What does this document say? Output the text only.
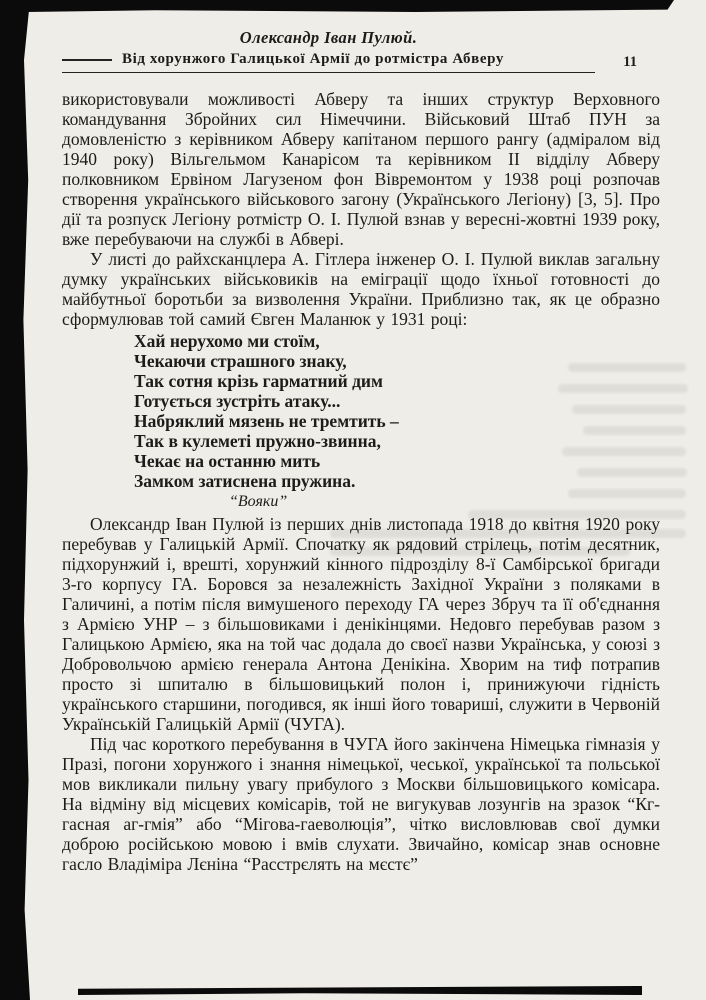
Олександр Іван Пулюй.
Від хорунжого Галицької Армії до ротмістра Абверу	11

використовували можливості Абверу та інших структур Верховного командування Збройних сил Німеччини. Військовий Штаб ПУН за домовленістю з керівником Абверу капітаном першого рангу (адміралом від 1940 року) Вільгельмом Канарісом та керівником II відділу Абверу полковником Ервіном Лагузеном фон Вівремонтом у 1938 році розпочав створення українського військового загону (Українського Легіону) [3, 5]. Про дії та розпуск Легіону ротмістр О. І. Пулюй взнав у вересні-жовтні 1939 року, вже перебуваючи на службі в Абвері.

У листі до райхсканцлера А. Гітлера інженер О. І. Пулюй виклав загальну думку українських військовиків на еміграції щодо їхньої готовності до майбутньої боротьби за визволення України. Приблизно так, як це образно сформулював той самий Євген Маланюк у 1931 році:

Хай нерухомо ми стоїм,
Чекаючи страшного знаку,
Так сотня крізь гарматний дим
Готується зустріть атаку...
Набряклий мязень не тремтить –
Так в кулеметі пружно-звинна,
Чекає на останню мить
Замком затиснена пружина.
“Вояки”

Олександр Іван Пулюй із перших днів листопада 1918 до квітня 1920 року перебував у Галицькій Армії. Спочатку як рядовий стрілець, потім десятник, підхорунжий і, врешті, хорунжий кінного підрозділу 8-ї Самбірської бригади 3-го корпусу ГА. Боровся за незалежність Західної України з поляками в Галичині, а потім після вимушеного переходу ГА через Збруч та її об'єднання з Армією УНР – з більшовиками і денікінцями. Недовго перебував разом з Галицькою Армією, яка на той час додала до своєї назви Українська, у союзі з Добровольчою армією генерала Антона Денікіна. Хворим на тиф потрапив просто зі шпиталю в більшовицький полон і, принижуючи гідність українського старшини, погодився, як інші його товариші, служити в Червоній Українській Галицькій Армії (ЧУГА).

Під час короткого перебування в ЧУГА його закінчена Німецька гімназія у Празі, погони хорунжого і знання німецької, чеської, української та польської мов викликали пильну увагу прибулого з Москви більшовицького комісара. На відміну від місцевих комісарів, той не вигукував лозунгів на зразок “Кг-гасная аг-гмія” або “Мігова-гаеволюція”, чітко висловлював свої думки доброю російською мовою і вмів слухати. Звичайно, комісар знав основне гасло Владіміра Лєніна “Расстрєлять на мєстє”
